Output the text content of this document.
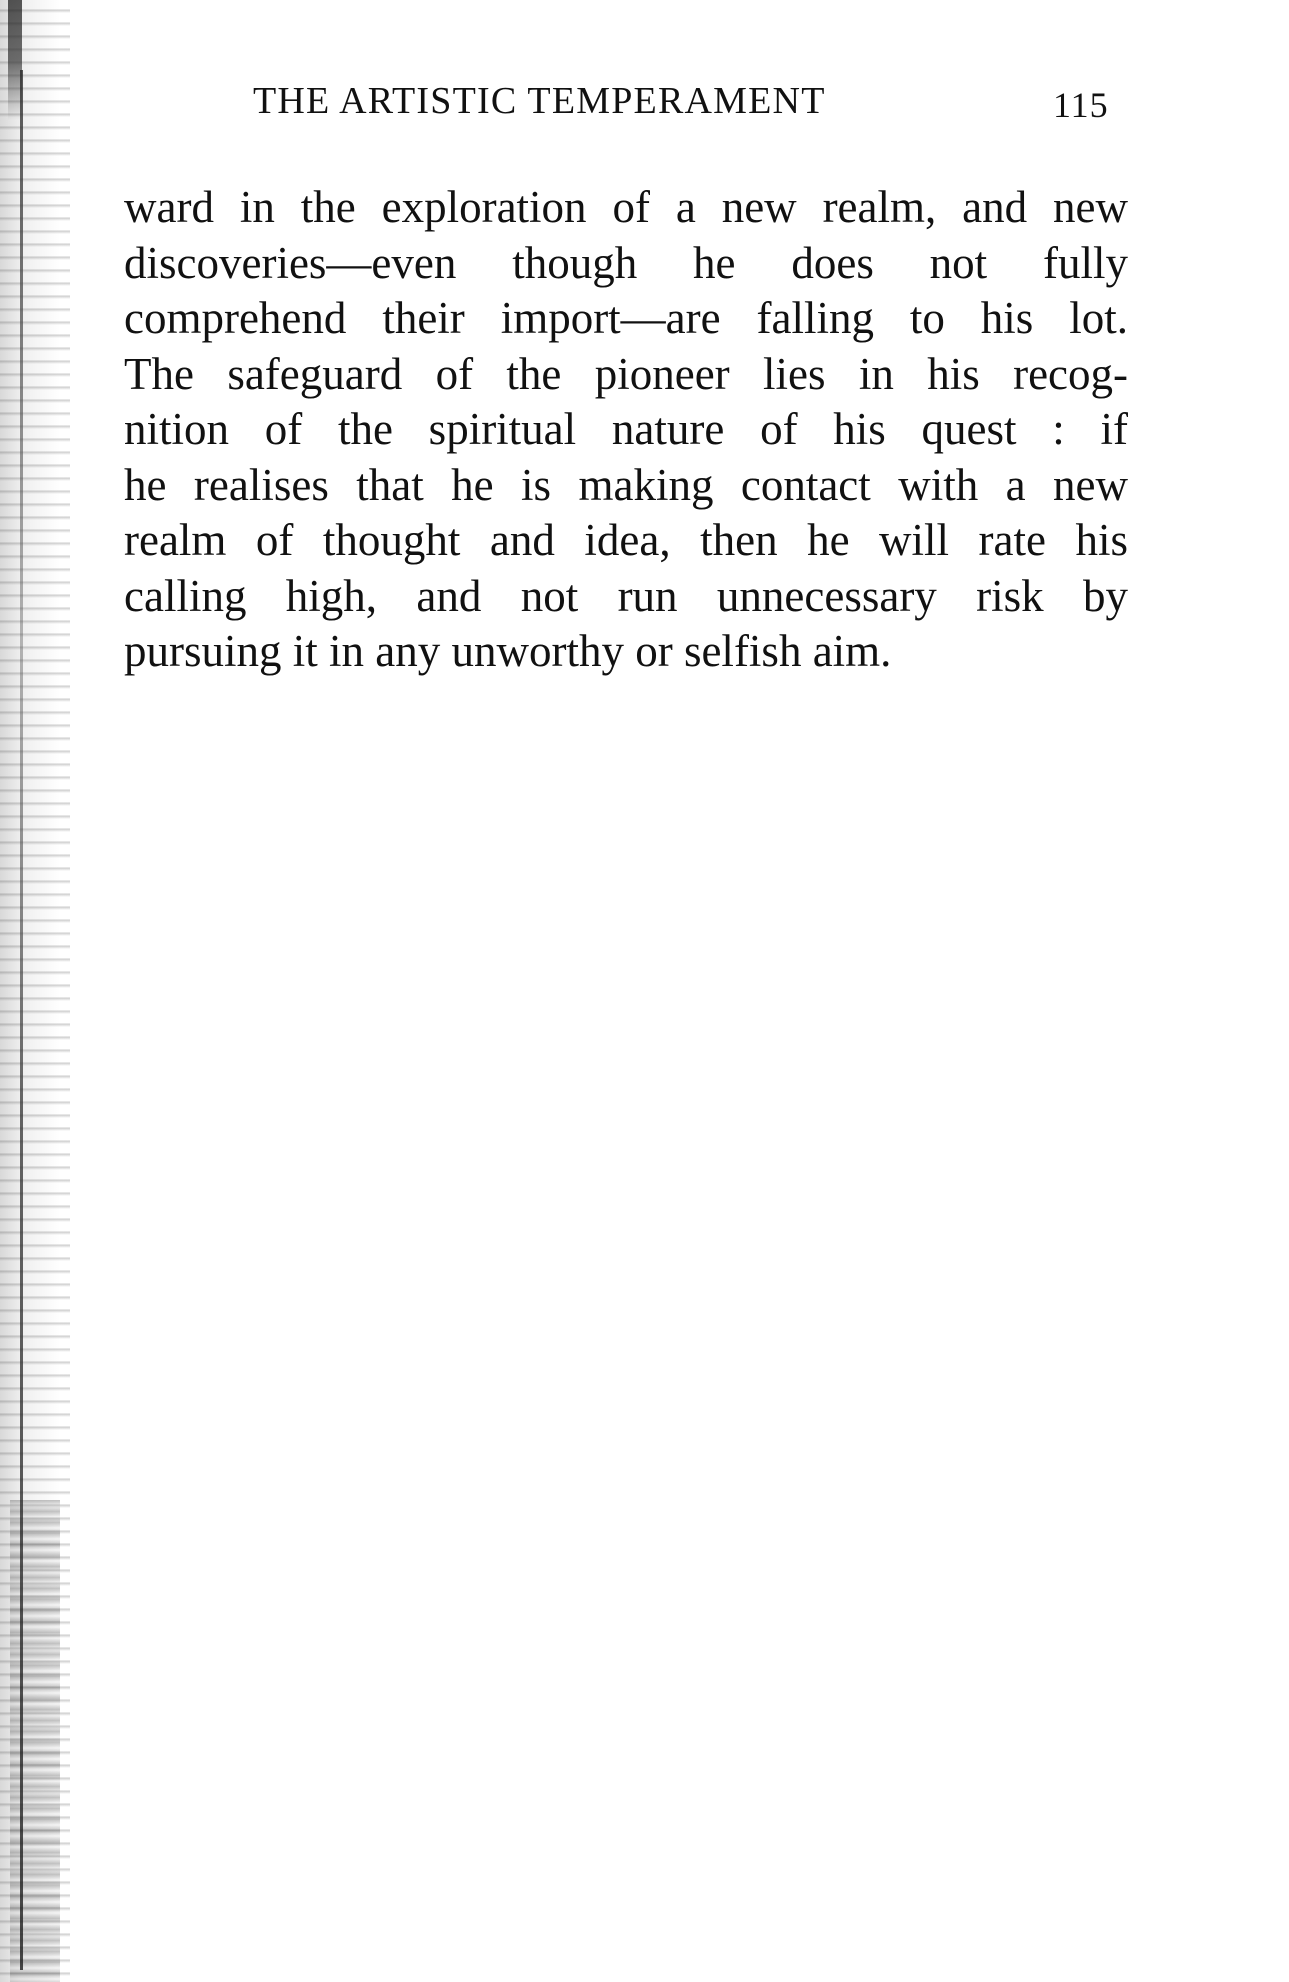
THE ARTISTIC TEMPERAMENT	115
ward in the exploration of a new realm, and new
discoveries—even though he does not fully
comprehend their import—are falling to his lot.
The safeguard of the pioneer lies in his recog-
nition of the spiritual nature of his quest : if
he realises that he is making contact with a new
realm of thought and idea, then he will rate his
calling high, and not run unnecessary risk by
pursuing it in any unworthy or selfish aim.
